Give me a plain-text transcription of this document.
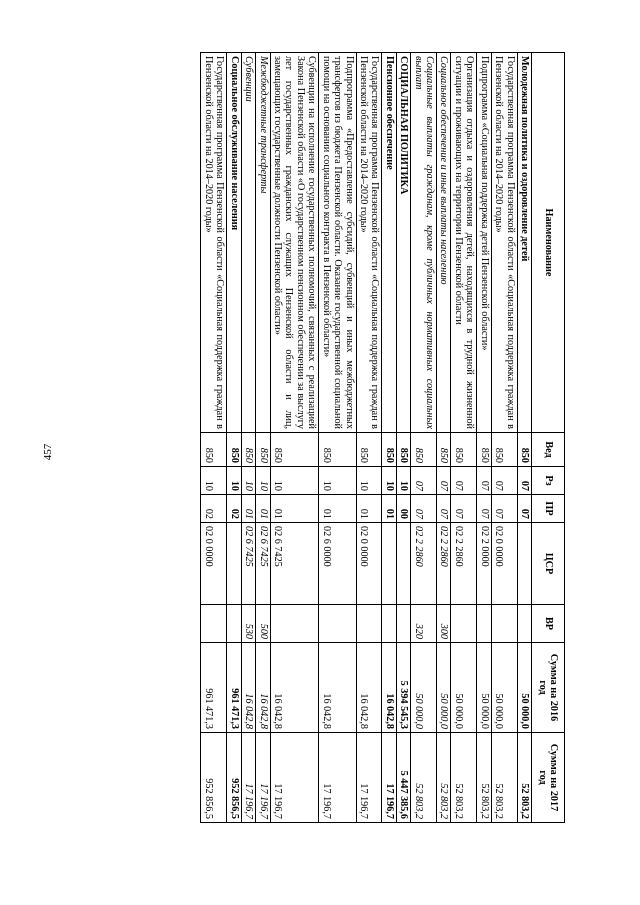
457
Наименование	Вед	Рз	ПР	ЦСР	ВР	Сумма на 2016 год	Сумма на 2017 год
Молодежная политика и оздоровление детей	850	07	07			50 000,0	52 803,2
Государственная программа Пензенской области «Социальная поддержка граждан в Пензенской области на 2014–2020 годы»	850	07	07	02 0 0000		50 000,0	52 803,2
Подпрограмма «Социальная поддержка детей Пензенской области»	850	07	07	02 2 0000		50 000,0	52 803,2
Организация отдыха и оздоровления детей, находящихся в трудной жизненной ситуации и проживающих на территории Пензенской области	850	07	07	02 2 2860		50 000,0	52 803,2
Социальное обеспечение и иные выплаты населению	850	07	07	02 2 2860	300	50 000,0	52 803,2
Социальные выплаты гражданам, кроме публичных нормативных социальных выплат	850	07	07	02 2 2860	320	50 000,0	52 803,2
СОЦИАЛЬНАЯ ПОЛИТИКА	850	10	00			5 394 545,3	5 447 385,6
Пенсионное обеспечение	850	10	01			16 042,8	17 196,7
Государственная программа Пензенской области «Социальная поддержка граждан в Пензенской области на 2014–2020 годы»	850	10	01	02 0 0000		16 042,8	17 196,7
Подпрограмма «Предоставление субсидий, субвенций и иных межбюджетных трансфертов из бюджета Пензенской области. Оказание государственной социальной помощи на основании социального контракта в Пензенской области»	850	10	01	02 6 0000		16 042,8	17 196,7
Субвенции на исполнение государственных полномочий, связанных с реализацией Закона Пензенской области «О государственном пенсионном обеспечении за выслугу лет государственных гражданских служащих Пензенской области и лиц, замещающих государственные должности Пензенской области»	850	10	01	02 6 7425		16 042,8	17 196,7
Межбюджетные трансферты	850	10	01	02 6 7425	500	16 042,8	17 196,7
Субвенции	850	10	01	02 6 7425	530	16 042,8	17 196,7
Социальное обслуживание населения	850	10	02			961 471,3	952 856,5
Государственная программа Пензенской области «Социальная поддержка граждан в Пензенской области на 2014–2020 годы»	850	10	02	02 0 0000		961 471,3	952 856,5
